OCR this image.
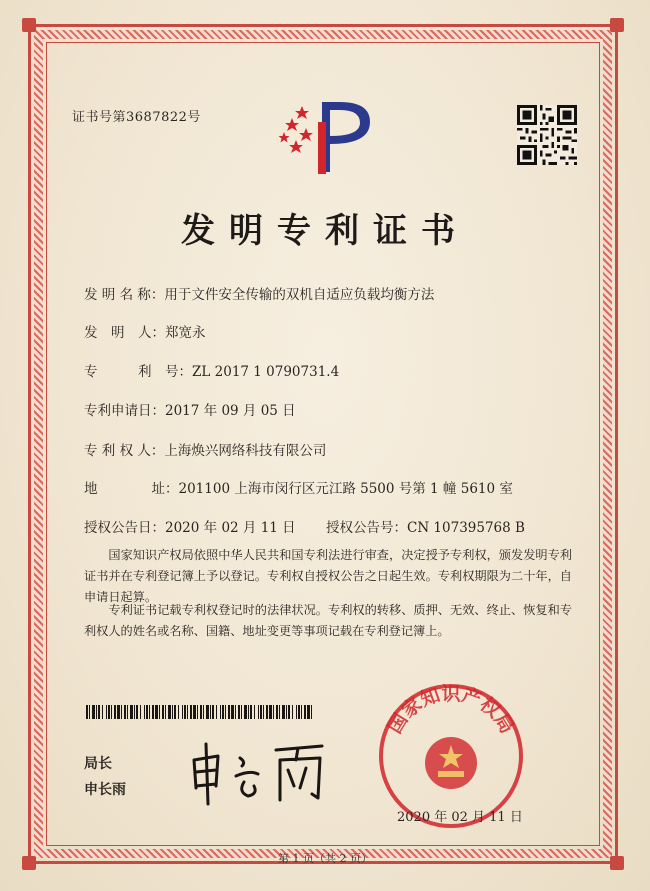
证书号第3687822号
发明专利证书
发 明 名 称：用于文件安全传输的双机自适应负载均衡方法
发　明　人：郑宽永
专　　　利　号：ZL 2017 1 0790731.4
专利申请日：2017 年 09 月 05 日
专 利 权 人：上海焕兴网络科技有限公司
地　　　　址：201100 上海市闵行区元江路 5500 号第 1 幢 5610 室
授权公告日：2020 年 02 月 11 日 授权公告号：CN 107395768 B
国家知识产权局依照中华人民共和国专利法进行审查，决定授予专利权，颁发发明专利证书并在专利登记簿上予以登记。专利权自授权公告之日起生效。专利权期限为二十年，自申请日起算。
专利证书记载专利权登记时的法律状况。专利权的转移、质押、无效、终止、恢复和专利权人的姓名或名称、国籍、地址变更等事项记载在专利登记簿上。
局长
申长雨
国家知识产权局
2020 年 02 月 11 日
第 1 页（共 2 页）
